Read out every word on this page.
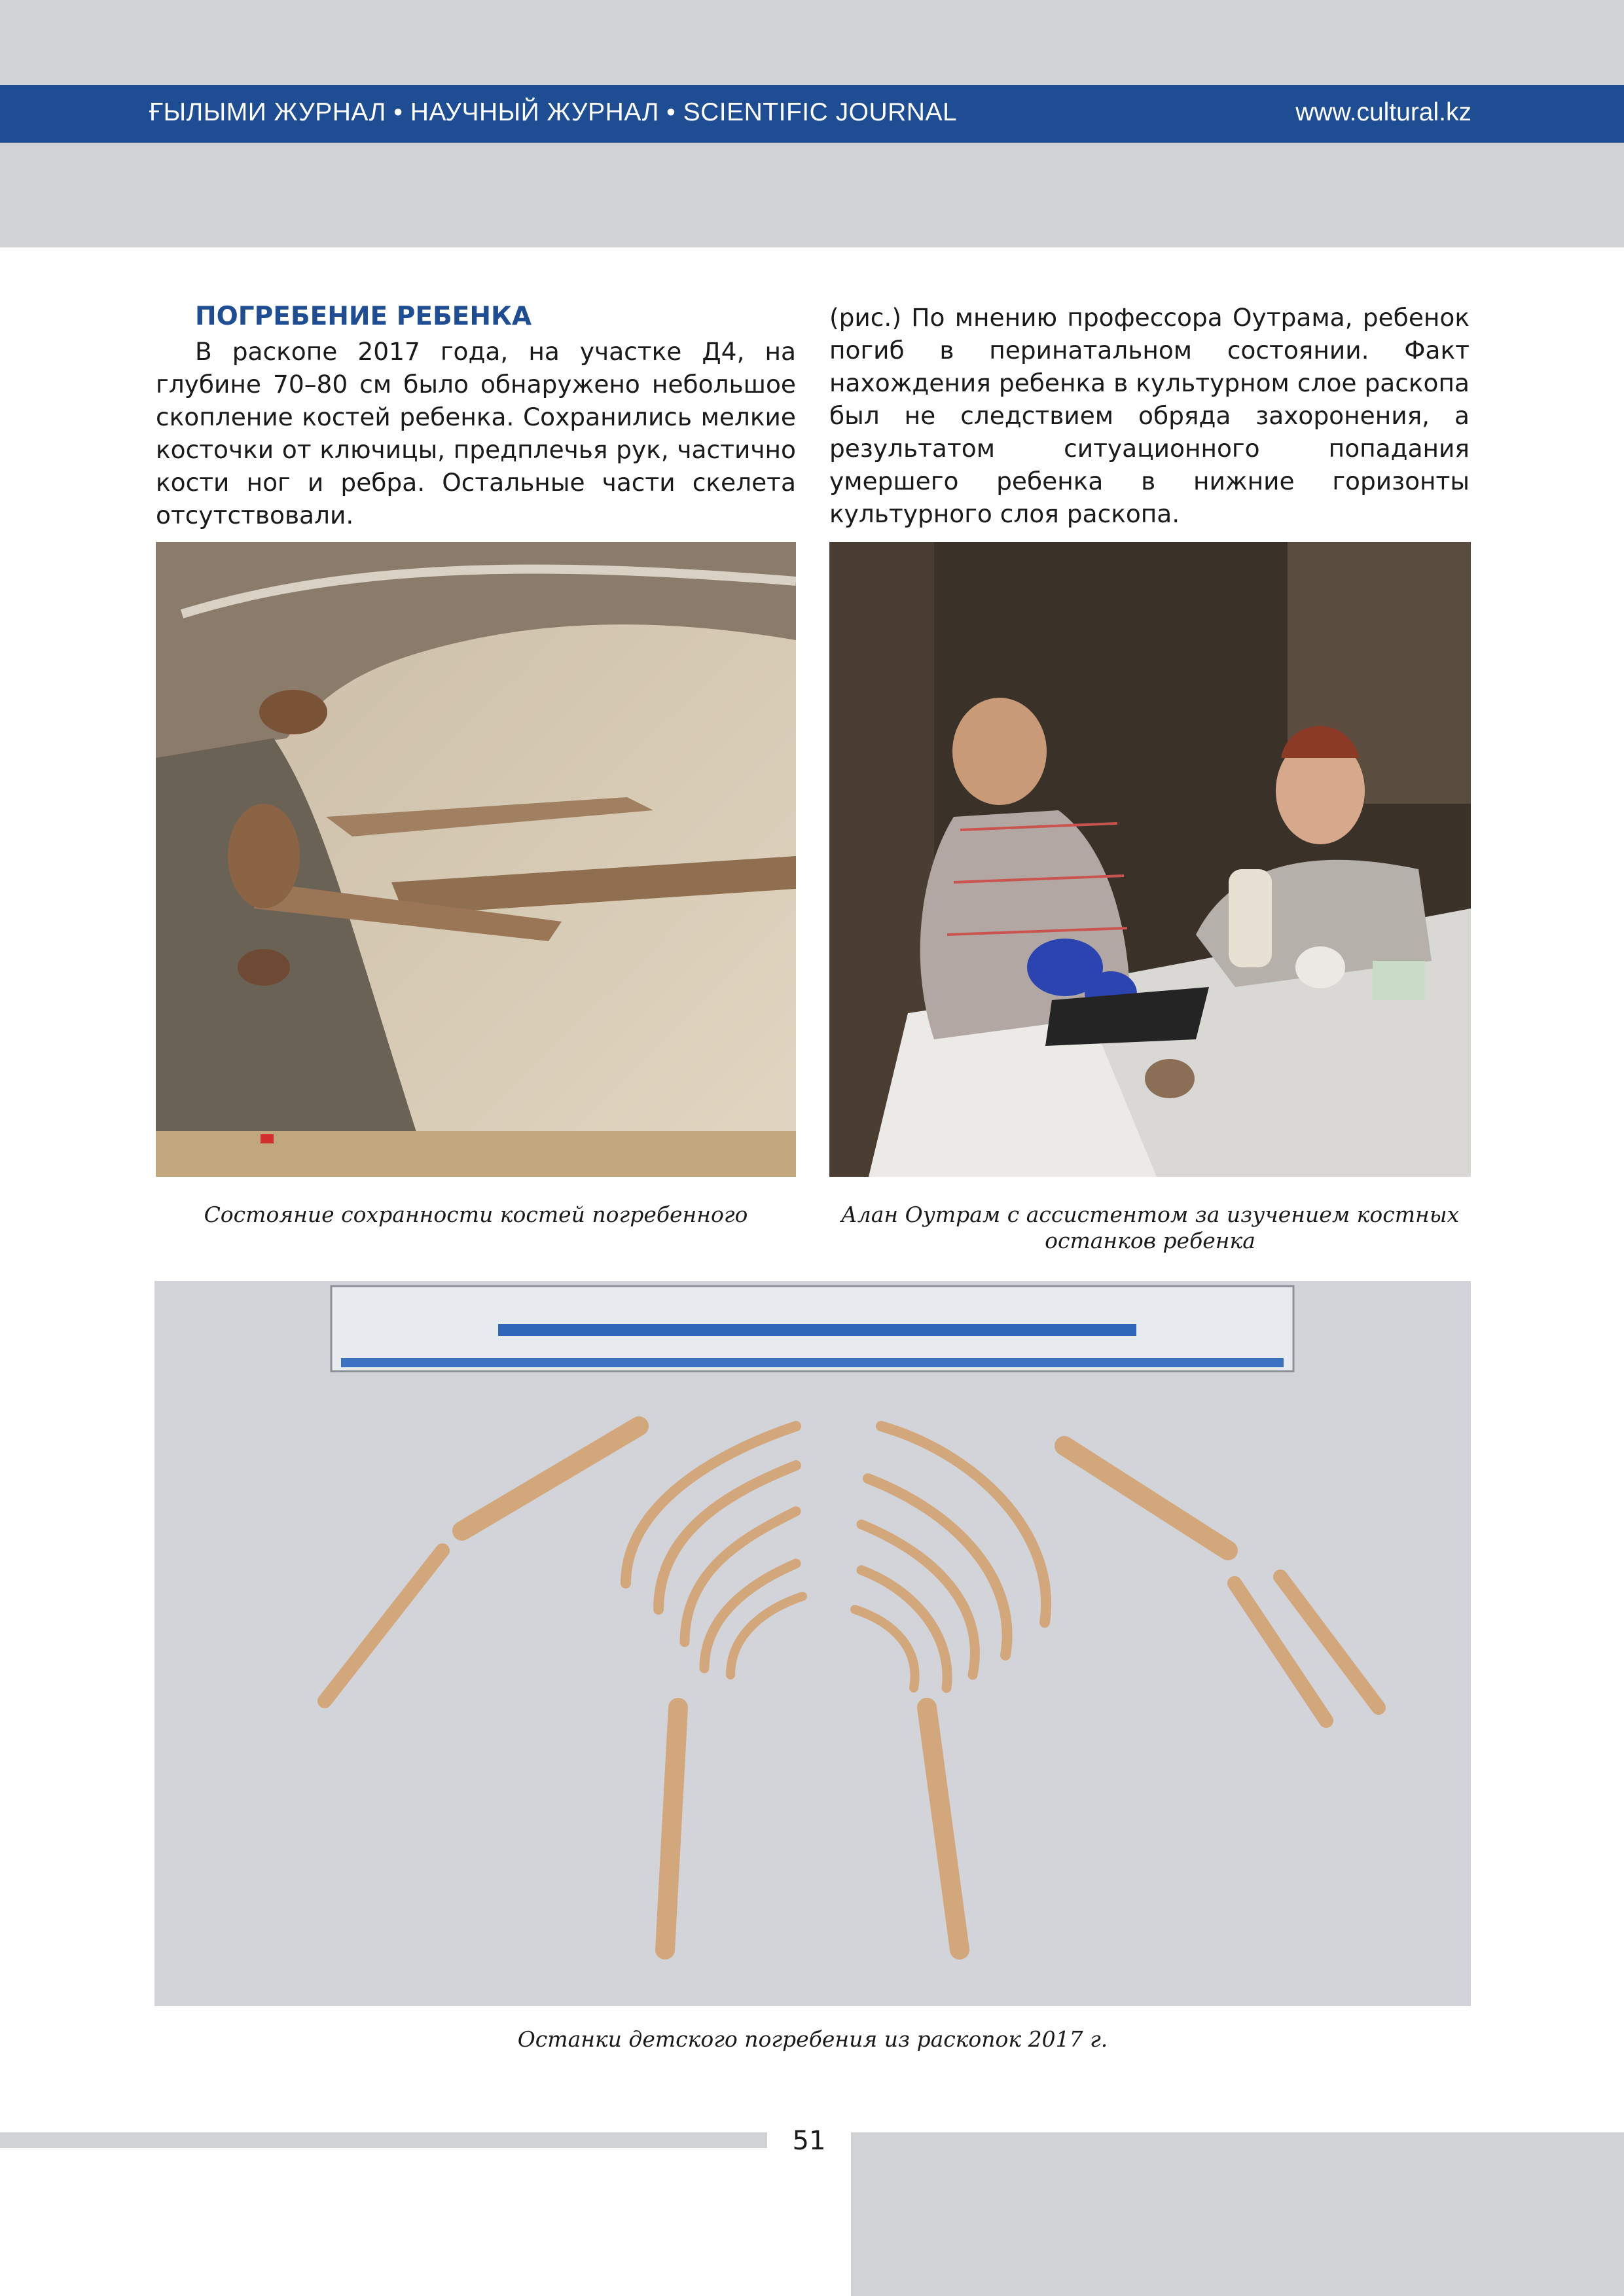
ҒЫЛЫМИ ЖУРНАЛ • НАУЧНЫЙ ЖУРНАЛ • SCIENTIFIC JOURNAL	www.cultural.kz
ПОГРЕБЕНИЕ РЕБЕНКА

В раскопе 2017 года, на участке Д4, на глубине 70–80 см было обнаружено небольшое скопление костей ребенка. Сохранились мелкие косточки от ключицы, предплечья рук, частично кости ног и ребра. Остальные части скелета отсутствовали.

(рис.) По мнению профессора Оутрама, ребенок погиб в перинатальном состоянии. Факт нахождения ребенка в культурном слое раскопа был не следствием обряда захоронения, а результатом ситуационного попадания умершего ребенка в нижние горизонты культурного слоя раскопа.

Состояние сохранности костей погребенного	Алан Оутрам с ассистентом за изучением костных останков ребенка
Останки детского погребения из раскопок 2017 г.
51
